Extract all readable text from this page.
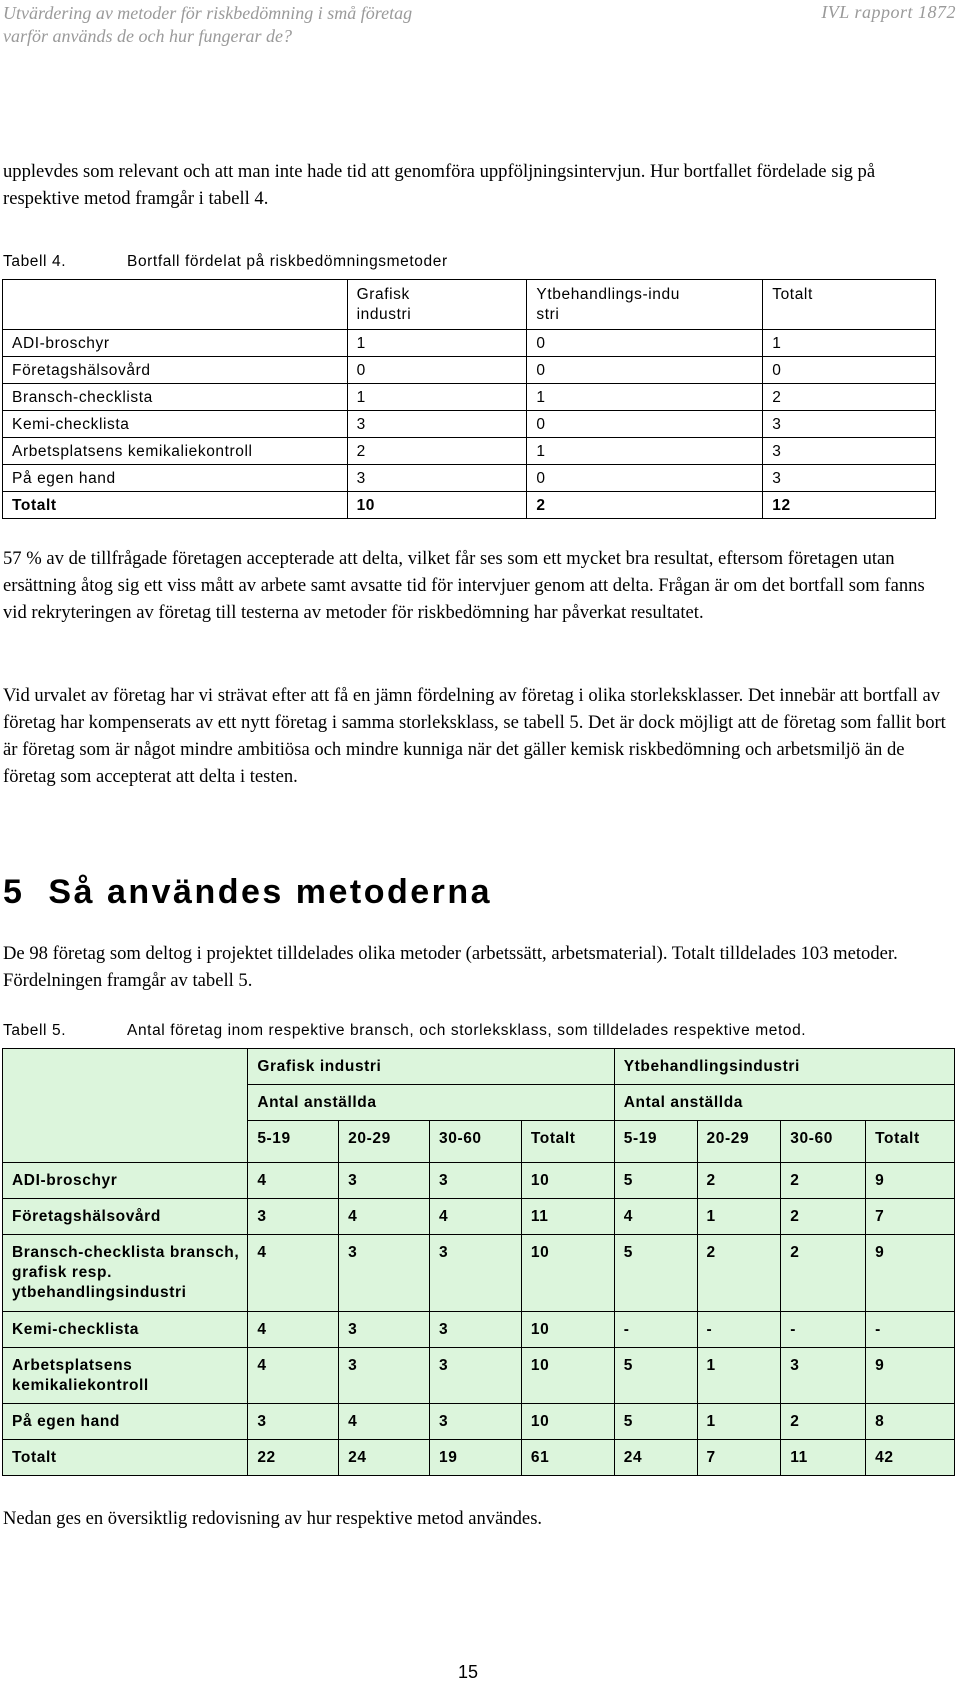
Utvärdering av metoder för riskbedömning i små företag
varför används de och hur fungerar de?
IVL rapport 1872

upplevdes som relevant och att man inte hade tid att genomföra uppföljningsintervjun. Hur bortfallet fördelade sig på respektive metod framgår i tabell 4.

Tabell 4.	Bortfall fördelat på riskbedömningsmetoder
	Grafisk industri	Ytbehandlings-industri	Totalt
ADI-broschyr	1	0	1
Företagshälsovård	0	0	0
Bransch-checklista	1	1	2
Kemi-checklista	3	0	3
Arbetsplatsens kemikaliekontroll	2	1	3
På egen hand	3	0	3
Totalt	10	2	12

57 % av de tillfrågade företagen accepterade att delta, vilket får ses som ett mycket bra resultat, eftersom företagen utan ersättning åtog sig ett viss mått av arbete samt avsatte tid för intervjuer genom att delta. Frågan är om det bortfall som fanns vid rekryteringen av företag till testerna av metoder för riskbedömning har påverkat resultatet.

Vid urvalet av företag har vi strävat efter att få en jämn fördelning av företag i olika storleksklasser. Det innebär att bortfall av företag har kompenserats av ett nytt företag i samma storleksklass, se tabell 5. Det är dock möjligt att de företag som fallit bort är företag som är något mindre ambitiösa och mindre kunniga när det gäller kemisk riskbedömning och arbetsmiljö än de företag som accepterat att delta i testen.

5 Så användes metoderna

De 98 företag som deltog i projektet tilldelades olika metoder (arbetssätt, arbetsmaterial). Totalt tilldelades 103 metoder. Fördelningen framgår av tabell 5.

Tabell 5.	Antal företag inom respektive bransch, och storleksklass, som tilldelades respektive metod.
	Grafisk industri				Ytbehandlingsindustri			
	Antal anställda				Antal anställda			
	5-19	20-29	30-60	Totalt	5-19	20-29	30-60	Totalt
ADI-broschyr	4	3	3	10	5	2	2	9
Företagshälsovård	3	4	4	11	4	1	2	7
Bransch-checklista bransch, grafisk resp. ytbehandlingsindustri	4	3	3	10	5	2	2	9
Kemi-checklista	4	3	3	10	-	-	-	-
Arbetsplatsens kemikaliekontroll	4	3	3	10	5	1	3	9
På egen hand	3	4	3	10	5	1	2	8
Totalt	22	24	19	61	24	7	11	42

Nedan ges en översiktlig redovisning av hur respektive metod användes.

15
